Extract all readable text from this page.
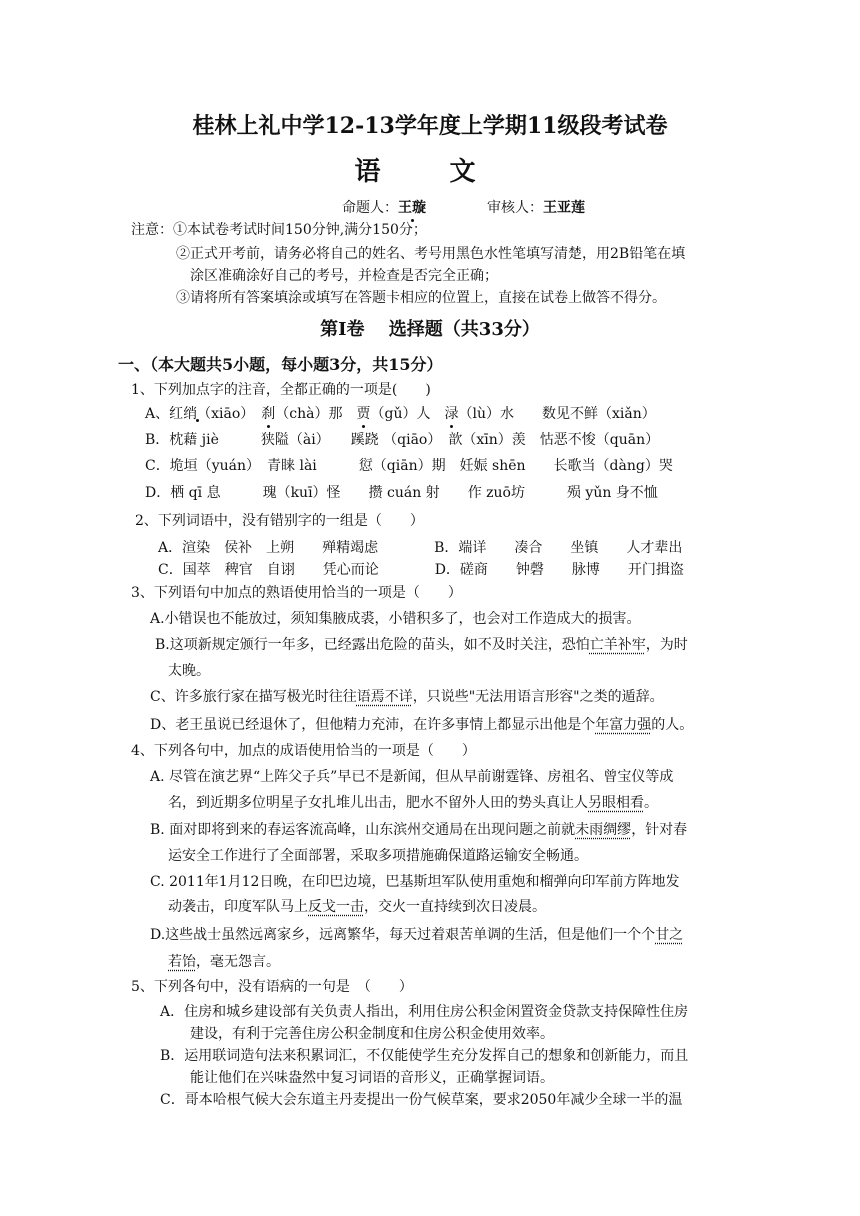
桂林上礼中学12-13学年度上学期11级段考试卷
语 文
命题人：王璇	审核人：王亚莲
注意：①本试卷考试时间150分钟,满分150分；
②正式开考前，请务必将自己的姓名、考号用黑色水性笔填写清楚，用2B铅笔在填
涂区准确涂好自己的考号，并检查是否完全正确；
③请将所有答案填涂或填写在答题卡相应的位置上，直接在试卷上做答不得分。
第Ⅰ卷　 选择题（共33分）
一、（本大题共5小题，每小题3分，共15分）
1、下列加点字的注音，全都正确的一项是(　　)
A、红绡（xiāo）　 刹（chà）那　 贾（gǔ）人　 渌（lù）水　　 数见不鲜（xiǎn）
B．枕藉 jiè　　　	狭隘（ài）　　 蹊跷 （qiāo）　 歆（xīn）羡　 怙恶不悛（quān）
C．垝垣（yuán）　 青睐 lài　　　	愆（qiān）期　 妊娠 shēn　　 长歌当（dàng）哭
D．栖 qī 息　　　	瑰（kuī）怪　　 攒 cuán 射　　 作 zuō坊　　　	殒 yǔn 身不恤
2、下列词语中，没有错别字的一组是（　　）
A．渲染　侯补　上朔　　殚精竭虑　　　　B．端详　　凑合　　坐镇　　人才辈出
C．国萃　稗官　自诩　　凭心而论　　　　D．磋商　　钟磬　　脉博　　开门揖盗
3、下列语句中加点的熟语使用恰当的一项是（　　）
A.小错误也不能放过，须知集腋成裘，小错积多了，也会对工作造成大的损害。
B.这项新规定颁行一年多，已经露出危险的苗头，如不及时关注，恐怕亡羊补牢，为时
太晚。
C、许多旅行家在描写极光时往往语焉不详，只说些"无法用语言形容"之类的遁辞。
D、老王虽说已经退休了，但他精力充沛，在许多事情上都显示出他是个年富力强的人。
4、下列各句中，加点的成语使用恰当的一项是（　　）
A. 尽管在演艺界“上阵父子兵”早已不是新闻，但从早前谢霆锋、房祖名、曾宝仪等成
名，到近期多位明星子女扎堆儿出击，肥水不留外人田的势头真让人另眼相看。
B. 面对即将到来的春运客流高峰，山东滨州交通局在出现问题之前就未雨绸缪，针对春
运安全工作进行了全面部署，采取多项措施确保道路运输安全畅通。
C. 2011年1月12日晚，在印巴边境，巴基斯坦军队使用重炮和榴弹向印军前方阵地发
动袭击，印度军队马上反戈一击，交火一直持续到次日凌晨。
D.这些战士虽然远离家乡，远离繁华，每天过着艰苦单调的生活，但是他们一个个甘之
若饴，毫无怨言。
5、下列各句中，没有语病的一句是　（　　）
A．住房和城乡建设部有关负责人指出，利用住房公积金闲置资金贷款支持保障性住房
建设，有利于完善住房公积金制度和住房公积金使用效率。
B．运用联词造句法来积累词汇，不仅能使学生充分发挥自己的想象和创新能力，而且
能让他们在兴味盎然中复习词语的音形义，正确掌握词语。
C．哥本哈根气候大会东道主丹麦提出一份气候草案，要求2050年减少全球一半的温
